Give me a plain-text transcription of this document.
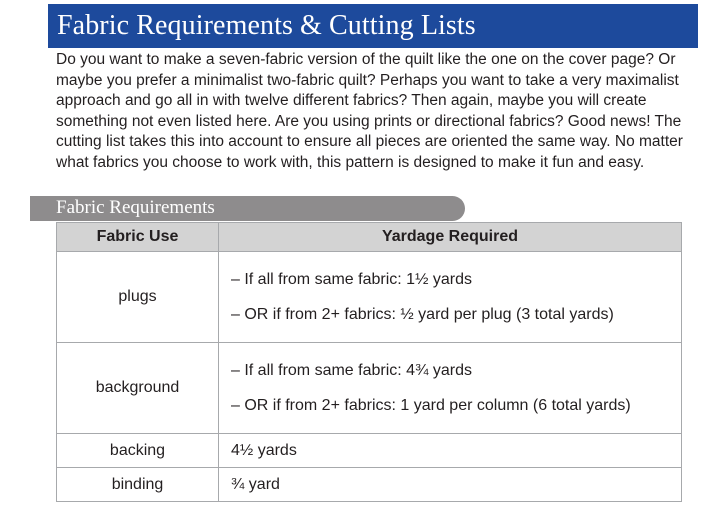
Fabric Requirements & Cutting Lists

Do you want to make a seven-fabric version of the quilt like the one on the cover page? Or maybe you prefer a minimalist two-fabric quilt? Perhaps you want to take a very maximalist approach and go all in with twelve different fabrics? Then again, maybe you will create something not even listed here. Are you using prints or directional fabrics? Good news! The cutting list takes this into account to ensure all pieces are oriented the same way. No matter what fabrics you choose to work with, this pattern is designed to make it fun and easy.

Fabric Requirements
Fabric Use	Yardage Required
plugs	– If all from same fabric: 1½ yards
– OR if from 2+ fabrics: ½ yard per plug (3 total yards)

background	– If all from same fabric: 4¾ yards
– OR if from 2+ fabrics: 1 yard per column (6 total yards)

backing	4½ yards

binding	¾ yard
